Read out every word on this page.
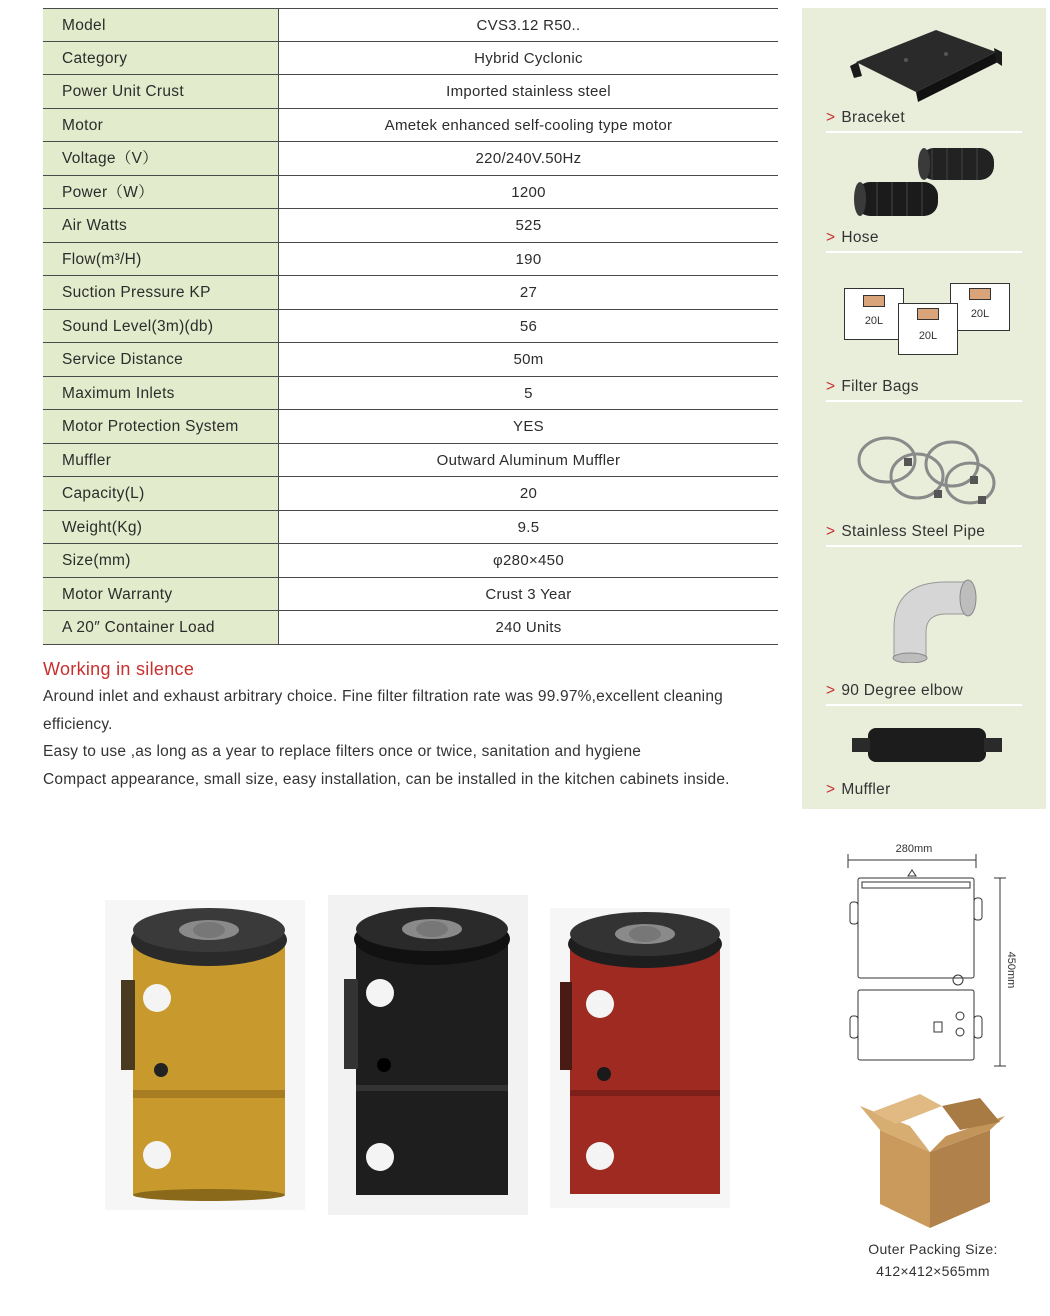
Model	CVS3.12 R50..
Category	Hybrid Cyclonic
Power Unit Crust	Imported stainless steel
Motor	Ametek enhanced self-cooling type motor
Voltage（V）	220/240V.50Hz
Power（W）	1200
Air Watts	525
Flow(m³/H)	190
Suction Pressure KP	27
Sound Level(3m)(db)	56
Service Distance	50m
Maximum Inlets	5
Motor Protection System	YES
Muffler	Outward Aluminum Muffler
Capacity(L)	20
Weight(Kg)	9.5
Size(mm)	φ280×450
Motor Warranty	Crust 3 Year
A 20″ Container Load	240 Units
Working in silence

Around inlet and exhaust arbitrary choice. Fine filter filtration rate was 99.97%,excellent cleaning efficiency.

Easy to use ,as long as a year to replace filters once or twice, sanitation and hygiene

Compact appearance, small size, easy installation, can be installed in the kitchen cabinets inside.

> Braceket
> Hose
20L
20L
20L
> Filter Bags
> Stainless Steel Pipe
> 90 Degree elbow
> Muffler
280mm
450mm
Outer Packing Size:
412×412×565mm
